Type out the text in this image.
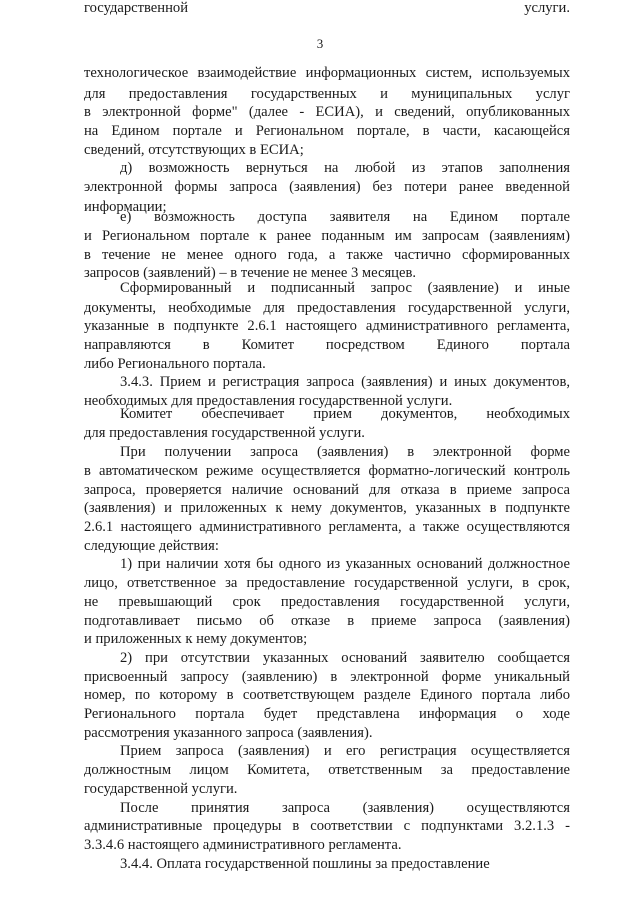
3
технологическое взаимодействие информационных систем, используемых
для предоставления государственных и муниципальных услуг
в электронной форме" (далее - ЕСИА), и сведений, опубликованных
на Едином портале и Региональном портале, в части, касающейся
сведений, отсутствующих в ЕСИА;
д) возможность вернуться на любой из этапов заполнения
электронной формы запроса (заявления) без потери ранее введенной
информации;
е) возможность доступа заявителя на Едином портале
и Региональном портале к ранее поданным им запросам (заявлениям)
в течение не менее одного года, а также частично сформированных
запросов (заявлений) – в течение не менее 3 месяцев.
Сформированный и подписанный запрос (заявление) и иные
документы, необходимые для предоставления государственной услуги,
указанные в подпункте 2.6.1 настоящего административного регламента,
направляются в Комитет посредством Единого портала
либо Регионального портала.
3.4.3. Прием и регистрация запроса (заявления) и иных документов,
необходимых для предоставления государственной услуги.
Комитет обеспечивает прием документов, необходимых
для предоставления государственной услуги.
При получении запроса (заявления) в электронной форме
в автоматическом режиме осуществляется форматно-логический контроль
запроса, проверяется наличие оснований для отказа в приеме запроса
(заявления) и приложенных к нему документов, указанных в подпункте
2.6.1 настоящего административного регламента, а также осуществляются
следующие действия:
1) при наличии хотя бы одного из указанных оснований должностное
лицо, ответственное за предоставление государственной услуги, в срок,
не превышающий срок предоставления государственной услуги,
подготавливает письмо об отказе в приеме запроса (заявления)
и приложенных к нему документов;
2) при отсутствии указанных оснований заявителю сообщается
присвоенный запросу (заявлению) в электронной форме уникальный
номер, по которому в соответствующем разделе Единого портала либо
Регионального портала будет представлена информация о ходе
рассмотрения указанного запроса (заявления).
Прием запроса (заявления) и его регистрация осуществляется
должностным лицом Комитета, ответственным за предоставление
государственной услуги.
После принятия запроса (заявления) осуществляются
административные процедуры в соответствии с подпунктами 3.2.1.3 -
3.3.4.6 настоящего административного регламента.
3.4.4. Оплата государственной пошлины за предоставление
государственной услуги.
